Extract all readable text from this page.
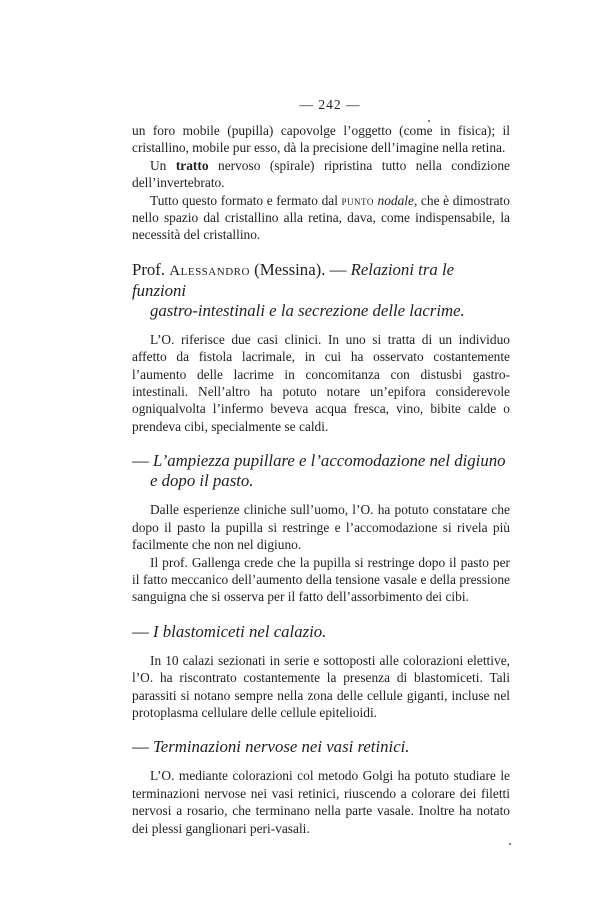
— 242 —

un foro mobile (pupilla) capovolge l’oggetto (come in fisica); il cristallino, mobile pur esso, dà la precisione dell’imagine nella retina.

Un tratto nervoso (spirale) ripristina tutto nella condizione dell’invertebrato.

Tutto questo formato e fermato dal punto nodale, che è dimostrato nello spazio dal cristallino alla retina, dava, come indispensabile, la necessità del cristallino.

Prof. Alessandro (Messina). — Relazioni tra le funzioni
gastro-intestinali e la secrezione delle lacrime.

L’O. riferisce due casi clinici. In uno si tratta di un individuo affetto da fistola lacrimale, in cui ha osservato costantemente l’aumento delle lacrime in concomitanza con distusbi gastro-intestinali. Nell’altro ha potuto notare un’epifora considerevole ogniqualvolta l’infermo beveva acqua fresca, vino, bibite calde o prendeva cibi, specialmente se caldi.

— L’ampiezza pupillare e l’accomodazione nel digiuno
e dopo il pasto.

Dalle esperienze cliniche sull’uomo, l’O. ha potuto constatare che dopo il pasto la pupilla si restringe e l’accomodazione si rivela più facilmente che non nel digiuno.

Il prof. Gallenga crede che la pupilla si restringe dopo il pasto per il fatto meccanico dell’aumento della tensione vasale e della pressione sanguigna che si osserva per il fatto dell’assorbimento dei cibi.

— I blastomiceti nel calazio.

In 10 calazi sezionati in serie e sottoposti alle colorazioni elettive, l’O. ha riscontrato costantemente la presenza di blastomiceti. Tali parassiti si notano sempre nella zona delle cellule giganti, incluse nel protoplasma cellulare delle cellule epitelioidi.

— Terminazioni nervose nei vasi retinici.

L’O. mediante colorazioni col metodo Golgi ha potuto studiare le terminazioni nervose nei vasi retinici, riuscendo a colorare dei filetti nervosi a rosario, che terminano nella parte vasale. Inoltre ha notato dei plessi ganglionari peri-vasali.
